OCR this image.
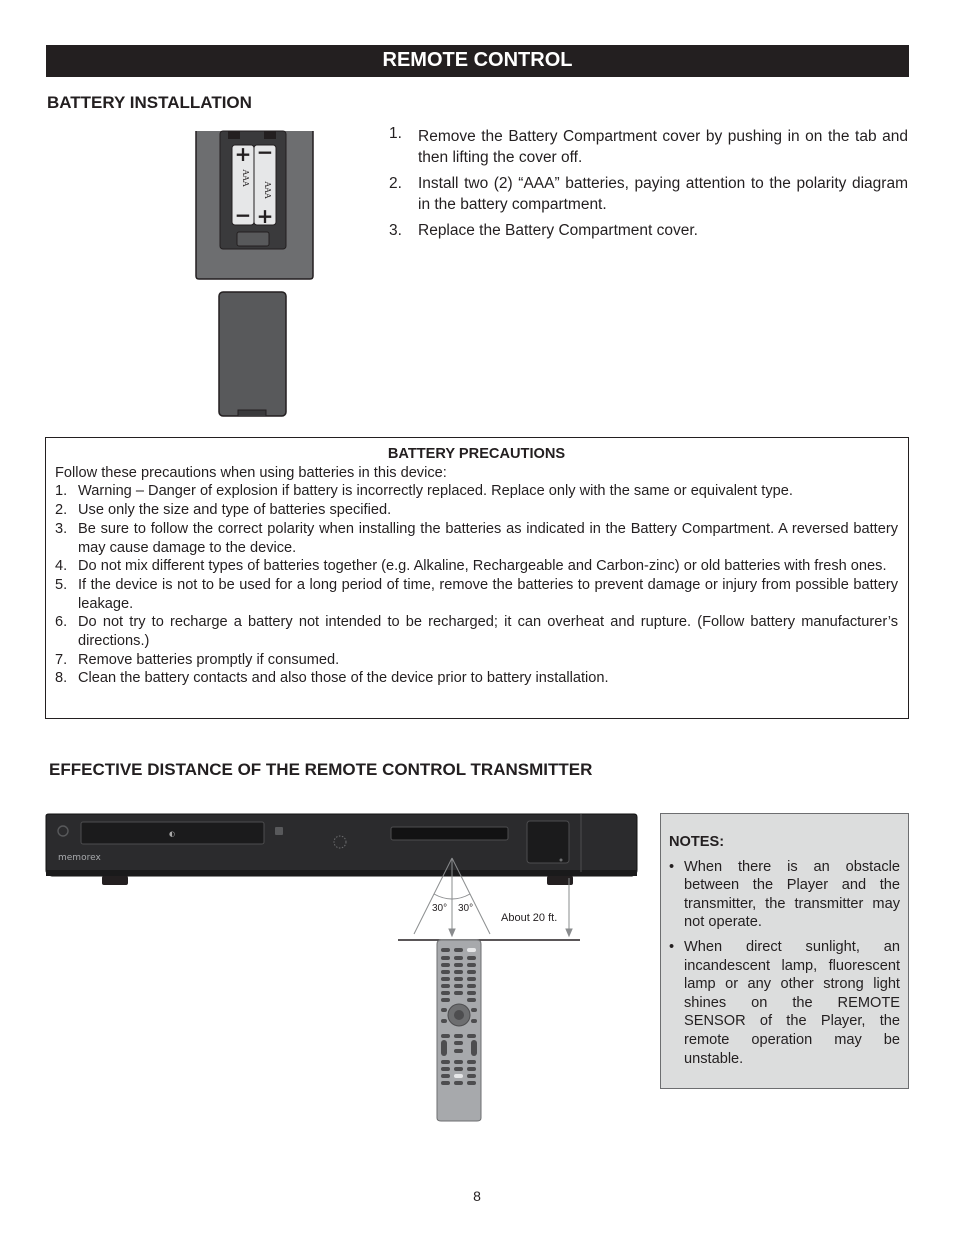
REMOTE CONTROL
BATTERY INSTALLATION
+ −
− +
AAA
AAA
1.	Remove the Battery Compartment cover by pushing in on the tab and then lifting the cover off.
2.	Install two (2) “AAA” batteries, paying attention to the polarity diagram in the battery compartment.
3.	Replace the Battery Compartment cover.
BATTERY PRECAUTIONS
Follow these precautions when using batteries in this device:
1. Warning – Danger of explosion if battery is incorrectly replaced. Replace only with the same or equivalent type.
2. Use only the size and type of batteries specified.
3. Be sure to follow the correct polarity when installing the batteries as indicated in the Battery Compartment. A reversed battery may cause damage to the device.
4. Do not mix different types of batteries together (e.g. Alkaline, Rechargeable and Carbon-zinc) or old batteries with fresh ones.
5. If the device is not to be used for a long period of time, remove the batteries to prevent damage or injury from possible battery leakage.
6. Do not try to recharge a battery not intended to be recharged; it can overheat and rupture. (Follow battery manufacturer’s directions.)
7. Remove batteries promptly if consumed.
8. Clean the battery contacts and also those of the device prior to battery installation.
EFFECTIVE DISTANCE OF THE REMOTE CONTROL TRANSMITTER
◐
memorex
30° 30°
About 20 ft.
NOTES:
• When there is an obstacle between the Player and the transmitter, the transmitter may not operate.
• When direct sunlight, an incandescent lamp, fluorescent lamp or any other strong light shines on the REMOTE SENSOR of the Player, the remote operation may be unstable.
8
